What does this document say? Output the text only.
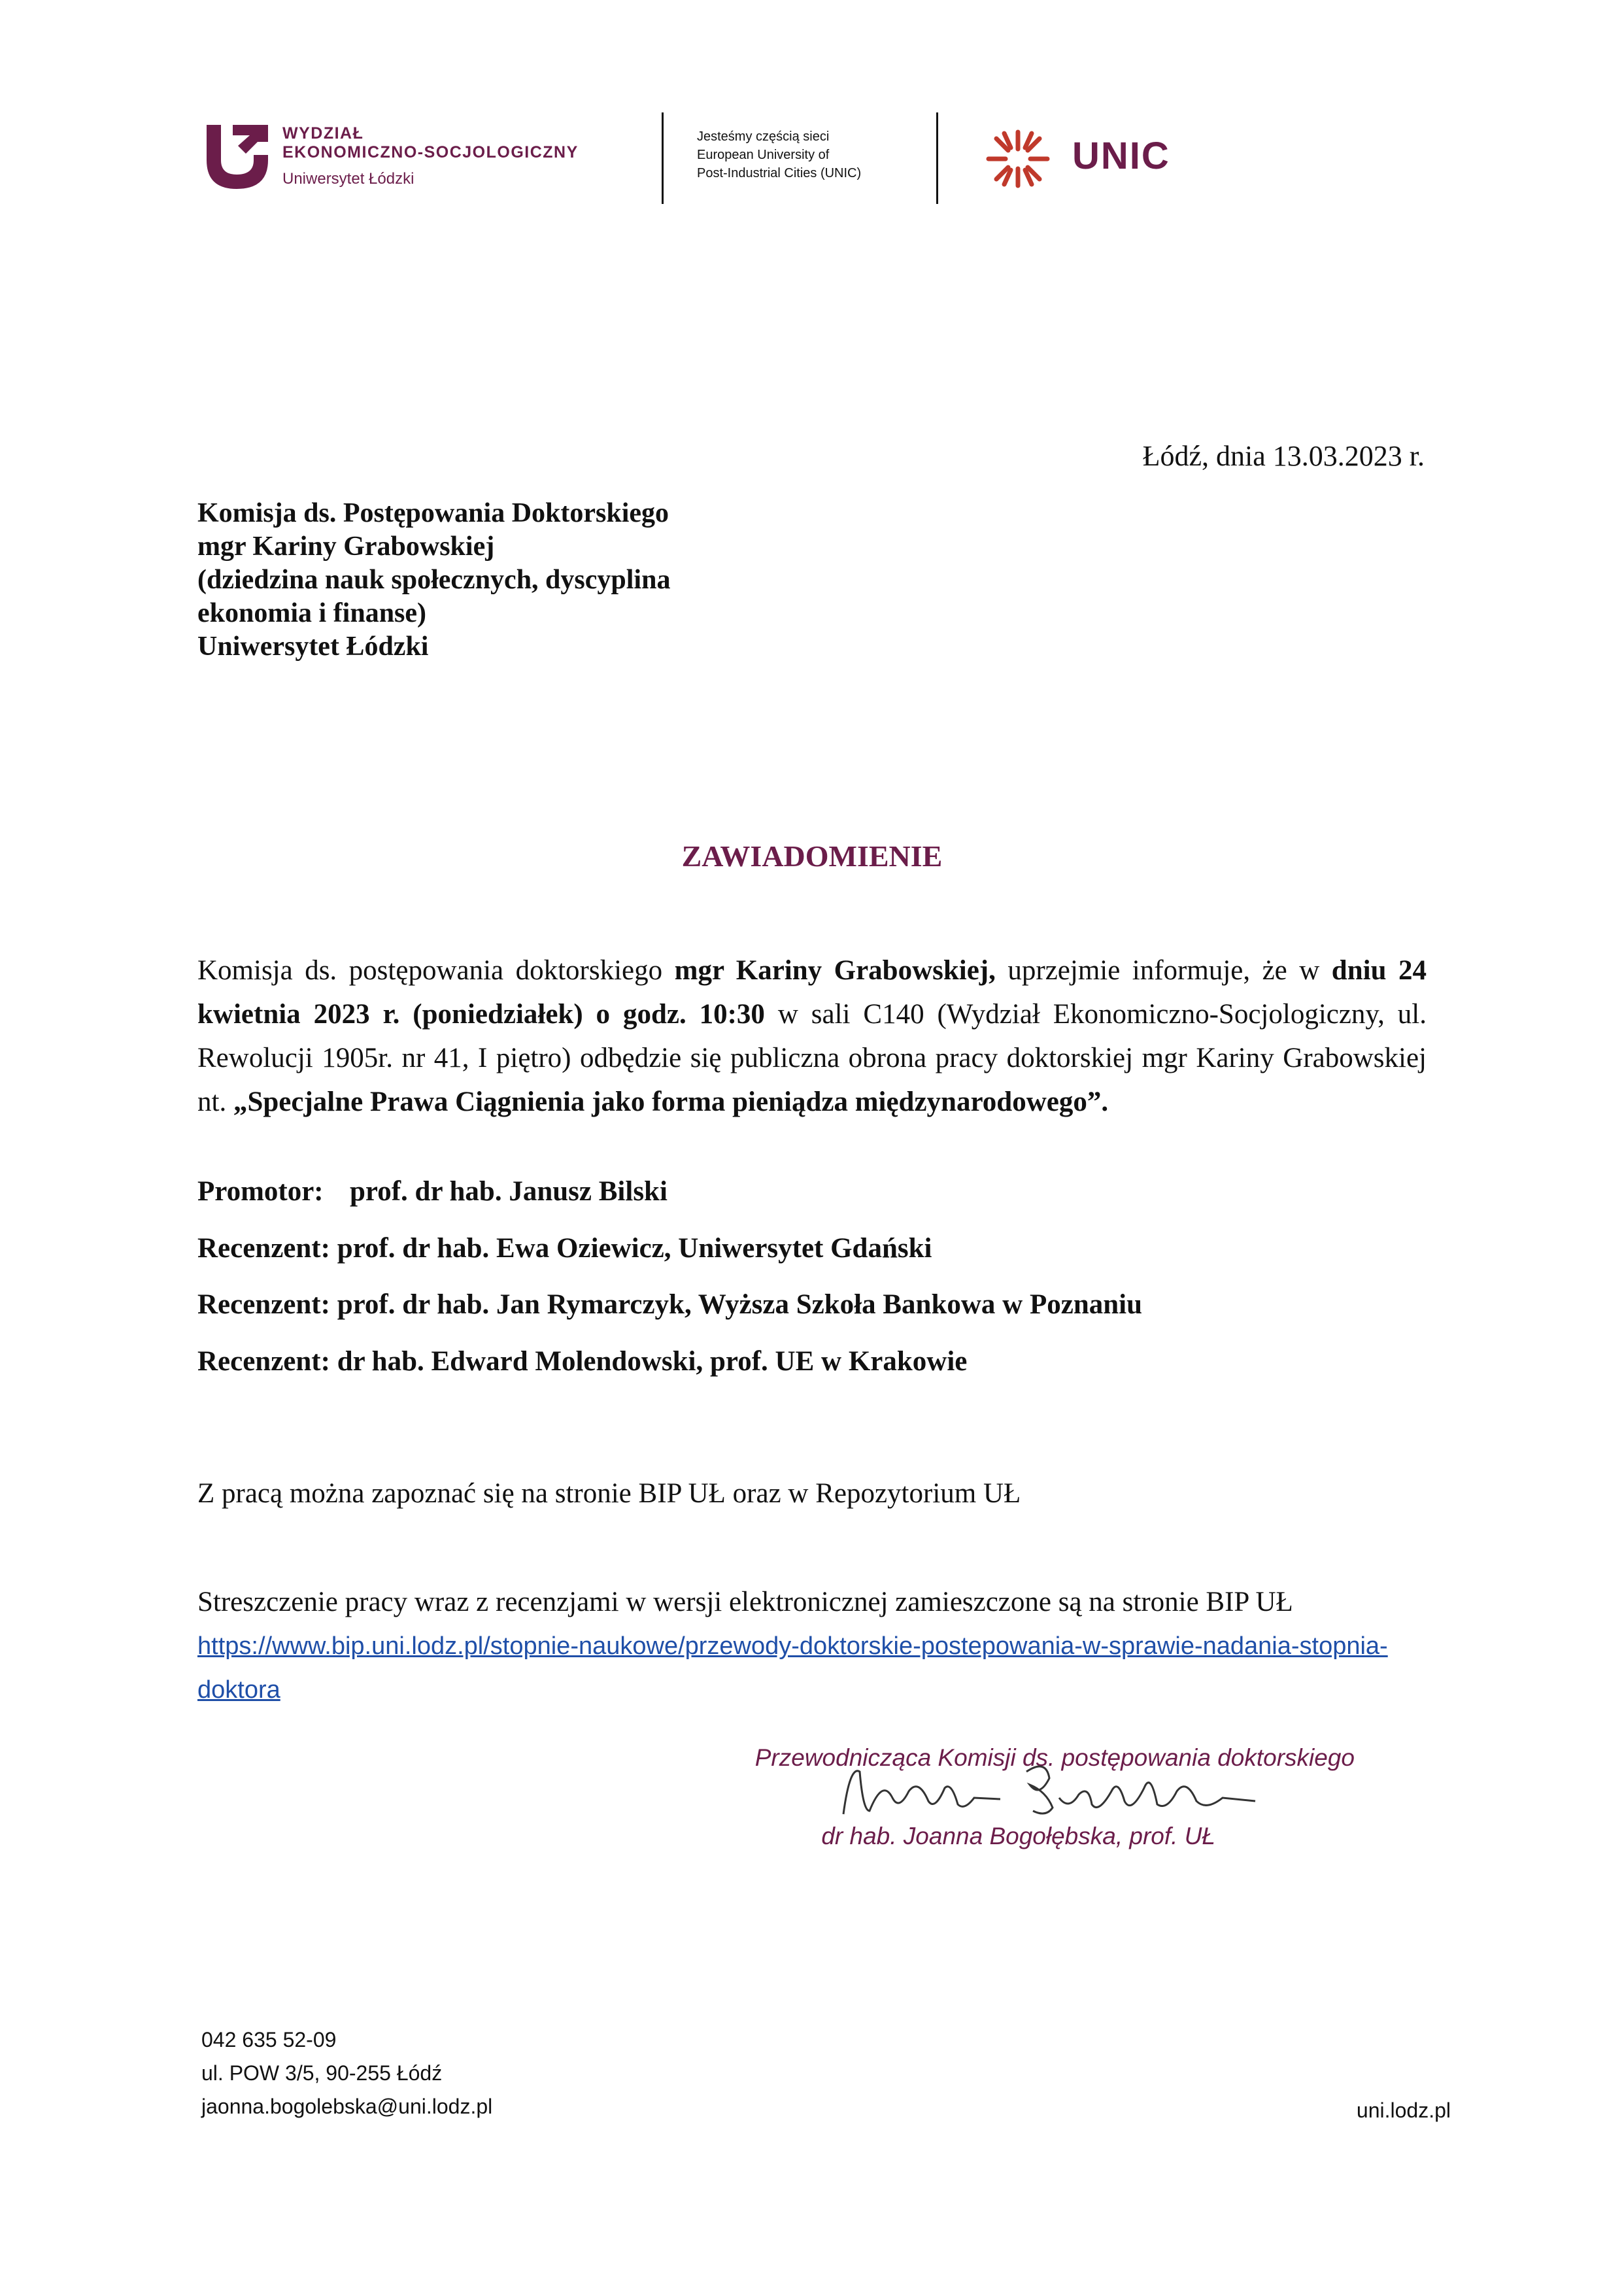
WYDZIAŁ
EKONOMICZNO-SOCJOLOGICZNY
Uniwersytet Łódzki
Jesteśmy częścią sieci
European University of
Post-Industrial Cities (UNIC)	UNIC
Łódź, dnia 13.03.2023 r.
Komisja ds. Postępowania Doktorskiego
mgr Kariny Grabowskiej
(dziedzina nauk społecznych, dyscyplina
ekonomia i finanse)
Uniwersytet Łódzki
ZAWIADOMIENIE
Komisja ds. postępowania doktorskiego mgr Kariny Grabowskiej, uprzejmie informuje, że w dniu 24 kwietnia 2023 r. (poniedziałek) o godz. 10:30 w sali C140 (Wydział Ekonomiczno-Socjologiczny, ul. Rewolucji 1905r. nr 41, I piętro) odbędzie się publiczna obrona pracy doktorskiej mgr Kariny Grabowskiej nt. „Specjalne Prawa Ciągnienia jako forma pieniądza międzynarodowego”.
Promotor: prof. dr hab. Janusz Bilski
Recenzent: prof. dr hab. Ewa Oziewicz, Uniwersytet Gdański
Recenzent: prof. dr hab. Jan Rymarczyk, Wyższa Szkoła Bankowa w Poznaniu
Recenzent: dr hab. Edward Molendowski, prof. UE w Krakowie
Z pracą można zapoznać się na stronie BIP UŁ oraz w Repozytorium UŁ
Streszczenie pracy wraz z recenzjami w wersji elektronicznej zamieszczone są na stronie BIP UŁ https://www.bip.uni.lodz.pl/stopnie-naukowe/przewody-doktorskie-postepowania-w-sprawie-nadania-stopnia-doktora
Przewodnicząca Komisji ds. postępowania doktorskiego
dr hab. Joanna Bogołębska, prof. UŁ
042 635 52-09
ul. POW 3/5, 90-255 Łódź
jaonna.bogolebska@uni.lodz.pl	uni.lodz.pl
